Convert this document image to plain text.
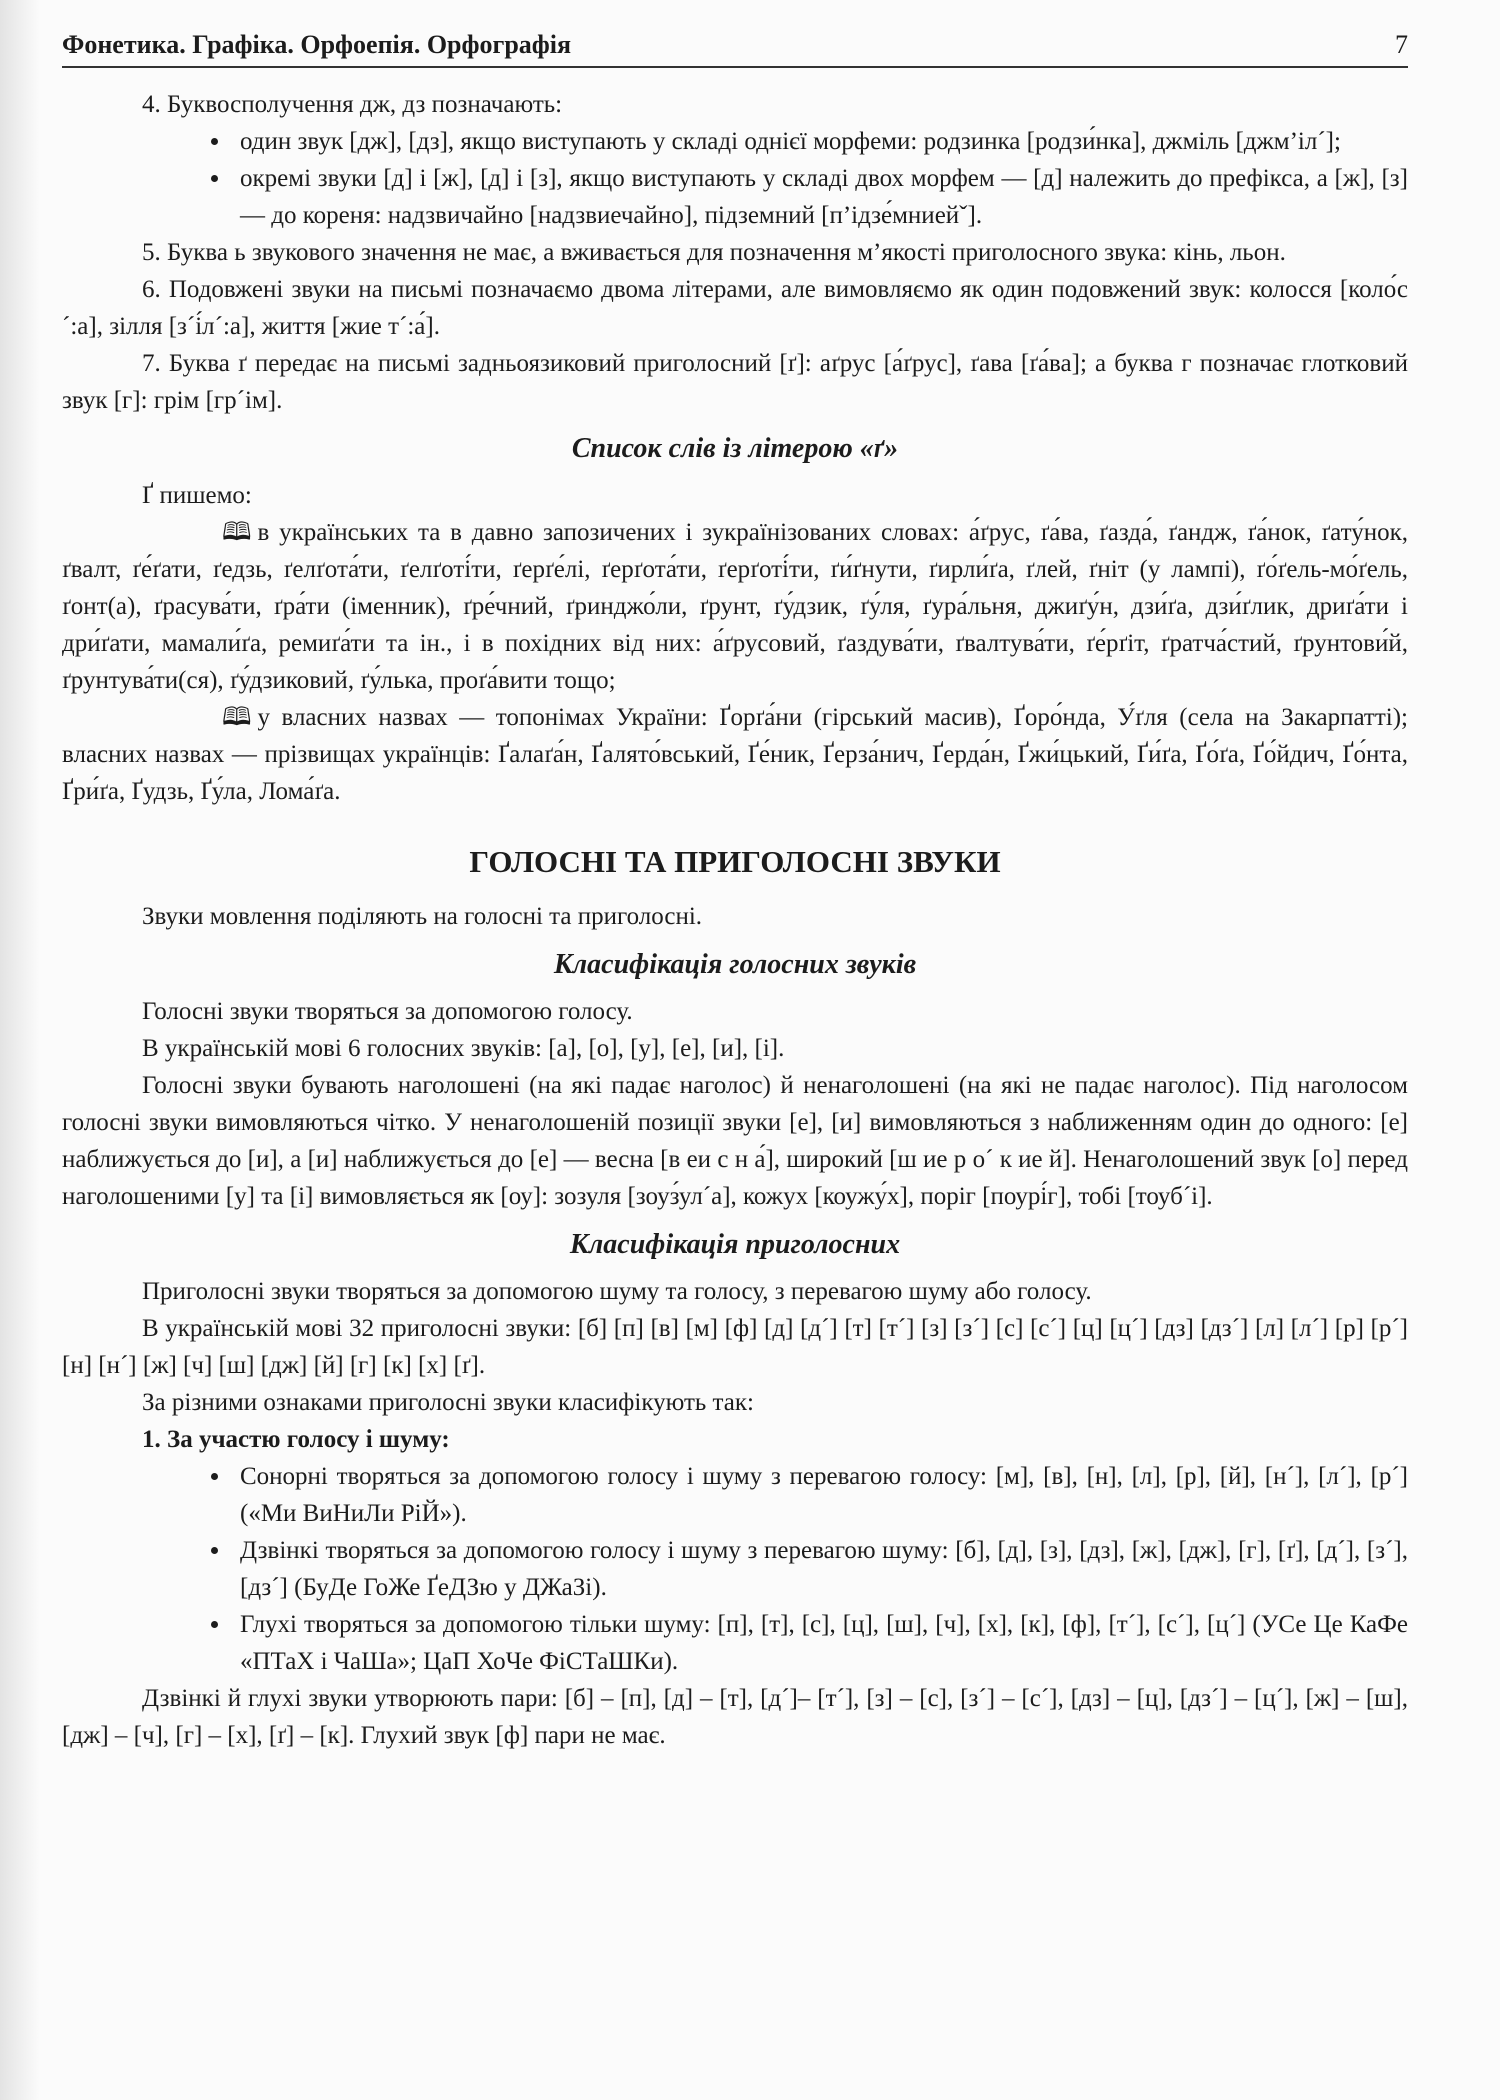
Фонетика. Графіка. Орфоепія. Орфографія	7

4. Буквосполучення дж, дз позначають:

• один звук [дж], [дз], якщо виступають у складі однієї морфеми: родзинка [родзи́нка], джміль [джм’іл´];
• окремі звуки [д] і [ж], [д] і [з], якщо виступають у складі двох морфем — [д] належить до префікса, а [ж], [з] — до кореня: надзвичайно [надзвиечайно], підземний [п’ідзе́мниейˇ].

5. Буква ь звукового значення не має, а вживається для позначення м’якості приголосного звука: кінь, льон.

6. Подовжені звуки на письмі позначаємо двома літерами, але вимовляємо як один подовжений звук: колосся [коло́с´:а], зілля [з´і́л´:а], життя [жие т´:а́].

7. Буква ґ передає на письмі задньоязиковий приголосний [ґ]: аґрус [а́ґрус], ґава [ґа́ва]; а буква г позначає глотковий звук [г]: грім [гр´ім].

Список слів із літерою «ґ»

Ґ пишемо:

🕮 в українських та в давно запозичених і зукраїнізованих словах: а́ґрус, ґа́ва, ґазда́, ґандж, ґа́нок, ґату́нок, ґвалт, ґе́ґати, ґедзь, ґелґота́ти, ґелґоті́ти, ґерґе́лі, ґерґота́ти, ґерґоті́ти, ґи́ґнути, ґирли́ґа, ґлей, ґніт (у лампі), ґо́ґель-мо́ґель, ґонт(а), ґрасува́ти, ґра́ти (іменник), ґре́чний, ґринджо́ли, ґрунт, ґу́дзик, ґу́ля, ґура́льня, джиґу́н, дзи́ґа, дзи́ґлик, дриґа́ти і дри́ґати, мамали́ґа, ремиґа́ти та ін., і в похідних від них: а́ґрусовий, ґаздува́ти, ґвалтува́ти, ґе́рґіт, ґратча́стий, ґрунтови́й, ґрунтува́ти(ся), ґу́дзиковий, ґу́лька, проґа́вити тощо;

🕮 у власних назвах — топонімах України: Ґорґа́ни (гірський масив), Ґоро́нда, У́ґля (села на Закарпатті); власних назвах — прізвищах українців: Ґалаґа́н, Ґалято́вський, Ґе́ник, Ґерза́нич, Ґерда́н, Ґжи́цький, Ґи́ґа, Ґо́ґа, Ґо́йдич, Ґо́нта, Ґри́ґа, Ґудзь, Ґу́ла, Лома́ґа.

ГОЛОСНІ ТА ПРИГОЛОСНІ ЗВУКИ

Звуки мовлення поділяють на голосні та приголосні.

Класифікація голосних звуків

Голосні звуки творяться за допомогою голосу.

В українській мові 6 голосних звуків: [а], [о], [у], [е], [и], [і].

Голосні звуки бувають наголошені (на які падає наголос) й ненаголошені (на які не падає наголос). Під наголосом голосні звуки вимовляються чітко. У ненаголошеній позиції звуки [е], [и] вимовляються з наближенням один до одного: [е] наближується до [и], а [и] наближується до [е] — весна [в еи с н а́], широкий [ш ие р о´ к ие й]. Ненаголошений звук [о] перед наголошеними [у] та [і] вимовляється як [оу]: зозуля [зоуз́ул´а], кожух [коужу́х], поріг [поурі́г], тобі [тоуб´і].

Класифікація приголосних

Приголосні звуки творяться за допомогою шуму та голосу, з перевагою шуму або голосу.

В українській мові 32 приголосні звуки: [б] [п] [в] [м] [ф] [д] [д´] [т] [т´] [з] [з´] [с] [с´] [ц] [ц´] [дз] [дз´] [л] [л´] [р] [р´] [н] [н´] [ж] [ч] [ш] [дж] [й] [г] [к] [х] [ґ].

За різними ознаками приголосні звуки класифікують так:

1. За участю голосу і шуму:

• Сонорні творяться за допомогою голосу і шуму з перевагою голосу: [м], [в], [н], [л], [р], [й], [н´], [л´], [р´] («Ми ВиНиЛи РіЙ»).
• Дзвінкі творяться за допомогою голосу і шуму з перевагою шуму: [б], [д], [з], [дз], [ж], [дж], [г], [ґ], [д´], [з´], [дз´] (БуДе ГоЖе ҐеДЗю у ДЖаЗі).
• Глухі творяться за допомогою тільки шуму: [п], [т], [с], [ц], [ш], [ч], [х], [к], [ф], [т´], [с´], [ц´] (УСе Це КаФе «ПТаХ і ЧаШа»; ЦаП ХоЧе ФіСТаШКи).

Дзвінкі й глухі звуки утворюють пари: [б] – [п], [д] – [т], [д´]– [т´], [з] – [с], [з´] – [с´], [дз] – [ц], [дз´] – [ц´], [ж] – [ш], [дж] – [ч], [г] – [х], [ґ] – [к]. Глухий звук [ф] пари не має.
